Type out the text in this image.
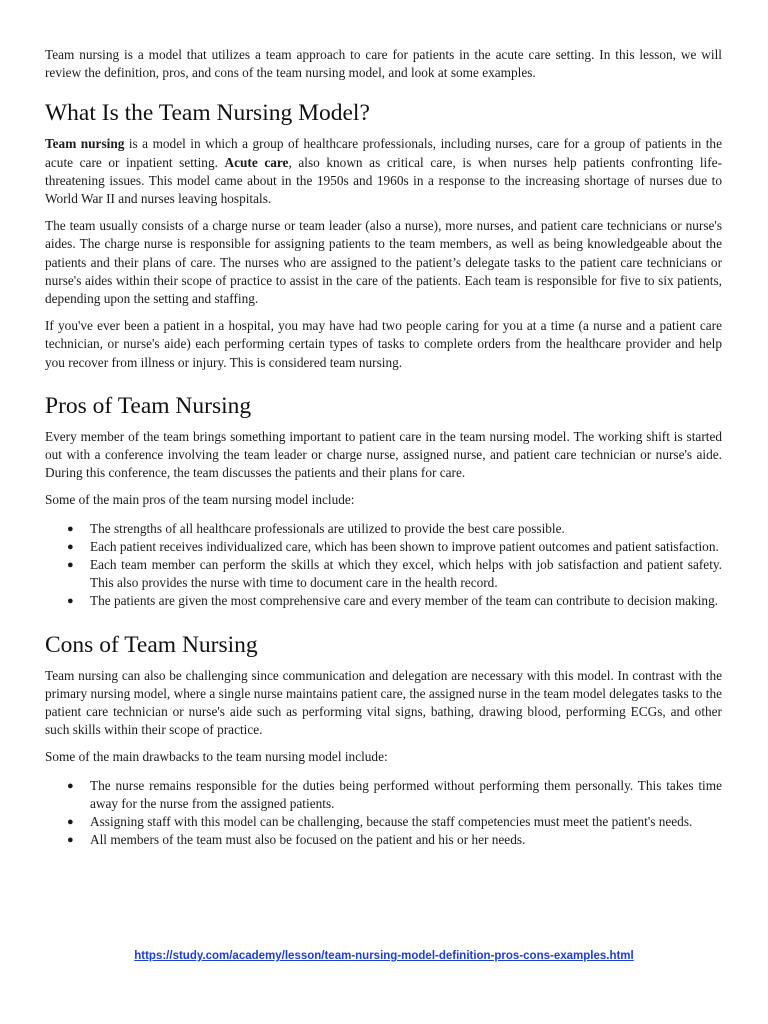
Team nursing is a model that utilizes a team approach to care for patients in the acute care setting. In this lesson, we will review the definition, pros, and cons of the team nursing model, and look at some examples.

What Is the Team Nursing Model?

Team nursing is a model in which a group of healthcare professionals, including nurses, care for a group of patients in the acute care or inpatient setting. Acute care, also known as critical care, is when nurses help patients confronting life-threatening issues. This model came about in the 1950s and 1960s in a response to the increasing shortage of nurses due to World War II and nurses leaving hospitals.

The team usually consists of a charge nurse or team leader (also a nurse), more nurses, and patient care technicians or nurse's aides. The charge nurse is responsible for assigning patients to the team members, as well as being knowledgeable about the patients and their plans of care. The nurses who are assigned to the patient’s delegate tasks to the patient care technicians or nurse's aides within their scope of practice to assist in the care of the patients. Each team is responsible for five to six patients, depending upon the setting and staffing.

If you've ever been a patient in a hospital, you may have had two people caring for you at a time (a nurse and a patient care technician, or nurse's aide) each performing certain types of tasks to complete orders from the healthcare provider and help you recover from illness or injury. This is considered team nursing.

Pros of Team Nursing

Every member of the team brings something important to patient care in the team nursing model. The working shift is started out with a conference involving the team leader or charge nurse, assigned nurse, and patient care technician or nurse's aide. During this conference, the team discusses the patients and their plans for care.

Some of the main pros of the team nursing model include:

● The strengths of all healthcare professionals are utilized to provide the best care possible.
● Each patient receives individualized care, which has been shown to improve patient outcomes and patient satisfaction.
● Each team member can perform the skills at which they excel, which helps with job satisfaction and patient safety. This also provides the nurse with time to document care in the health record.
● The patients are given the most comprehensive care and every member of the team can contribute to decision making.
Cons of Team Nursing

Team nursing can also be challenging since communication and delegation are necessary with this model. In contrast with the primary nursing model, where a single nurse maintains patient care, the assigned nurse in the team model delegates tasks to the patient care technician or nurse's aide such as performing vital signs, bathing, drawing blood, performing ECGs, and other such skills within their scope of practice.

Some of the main drawbacks to the team nursing model include:

● The nurse remains responsible for the duties being performed without performing them personally. This takes time away for the nurse from the assigned patients.
● Assigning staff with this model can be challenging, because the staff competencies must meet the patient's needs.
● All members of the team must also be focused on the patient and his or her needs.
https://study.com/academy/lesson/team-nursing-model-definition-pros-cons-examples.html
